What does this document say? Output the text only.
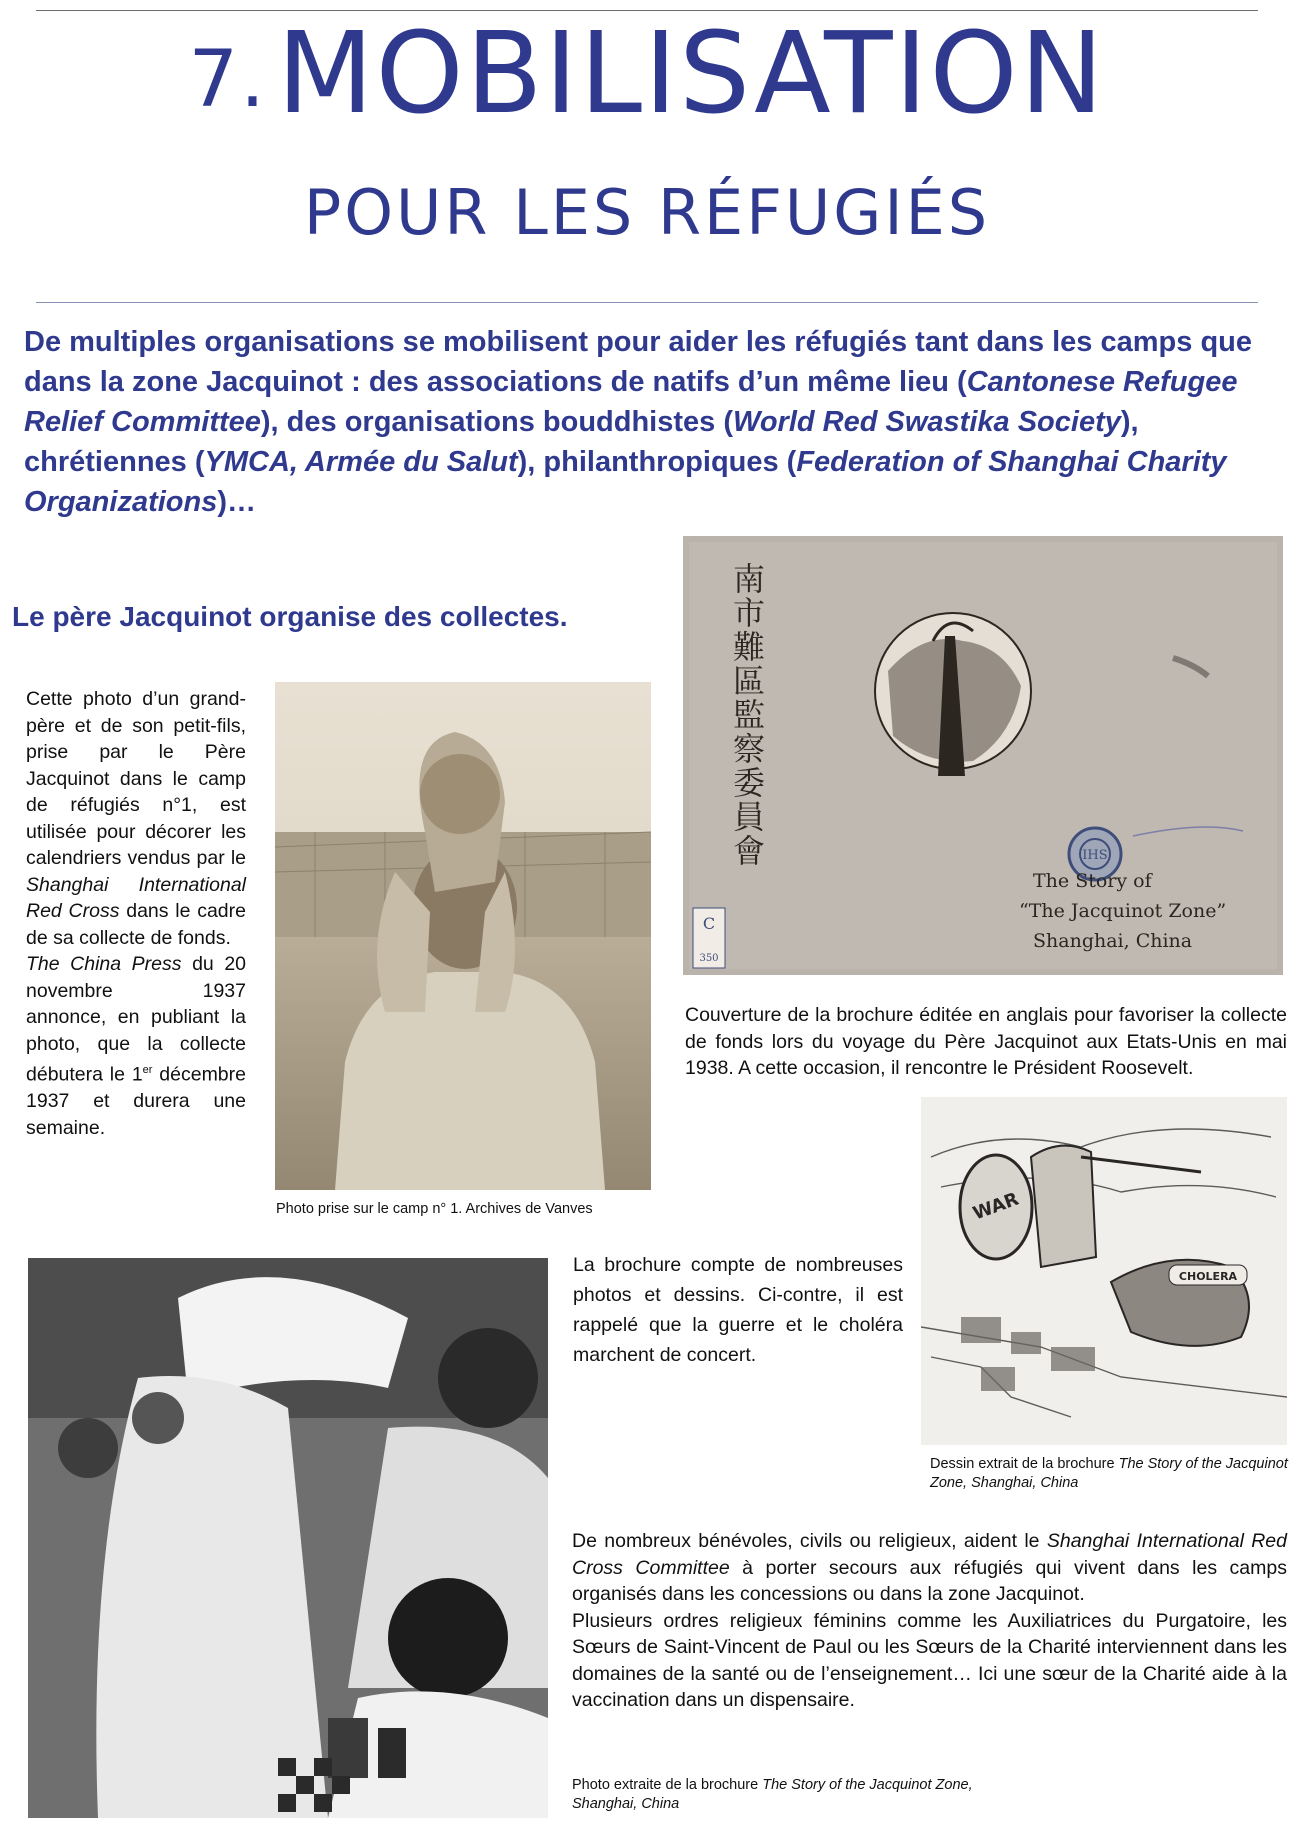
7.MOBILISATION
POUR LES RÉFUGIÉS
De multiples organisations se mobilisent pour aider les réfugiés tant dans les camps que dans la zone Jacquinot : des associations de natifs d’un même lieu (Cantonese Refugee Relief Committee), des organisations bouddhistes (World Red Swastika Society), chrétiennes (YMCA, Armée du Salut), philanthropiques (Federation of Shanghai Charity Organizations)…
Le père Jacquinot organise des collectes.
Cette photo d’un grand-père et de son petit-fils, prise par le Père Jacquinot dans le camp de réfugiés n°1, est utilisée pour décorer les calendriers vendus par le Shanghai International Red Cross dans le cadre de sa collecte de fonds.
The China Press du 20 novembre 1937 annonce, en publiant la photo, que la collecte débutera le 1er décembre 1937 et durera une semaine.
Photo prise sur le camp n° 1. Archives de Vanves
IHS
C
350
南市難區監察委員會
The Story of
“The Jacquinot Zone”
Shanghai, China
Couverture de la brochure éditée en anglais pour favoriser la collecte de fonds lors du voyage du Père Jacquinot aux Etats-Unis en mai 1938. A cette occasion, il rencontre le Président Roosevelt.
WAR
CHOLERA
La brochure compte de nombreuses photos et dessins. Ci-contre, il est rappelé que la guerre et le choléra marchent de concert.
Dessin extrait de la brochure The Story of the Jacquinot Zone, Shanghai, China
De nombreux bénévoles, civils ou religieux, aident le Shanghai International Red Cross Committee à porter secours aux réfugiés qui vivent dans les camps organisés dans les concessions ou dans la zone Jacquinot.
Plusieurs ordres religieux féminins comme les Auxiliatrices du Purgatoire, les Sœurs de Saint-Vincent de Paul ou les Sœurs de la Charité interviennent dans les domaines de la santé ou de l’enseignement… Ici une sœur de la Charité aide à la vaccination dans un dispensaire.
Photo extraite de la brochure The Story of the Jacquinot Zone, Shanghai, China
